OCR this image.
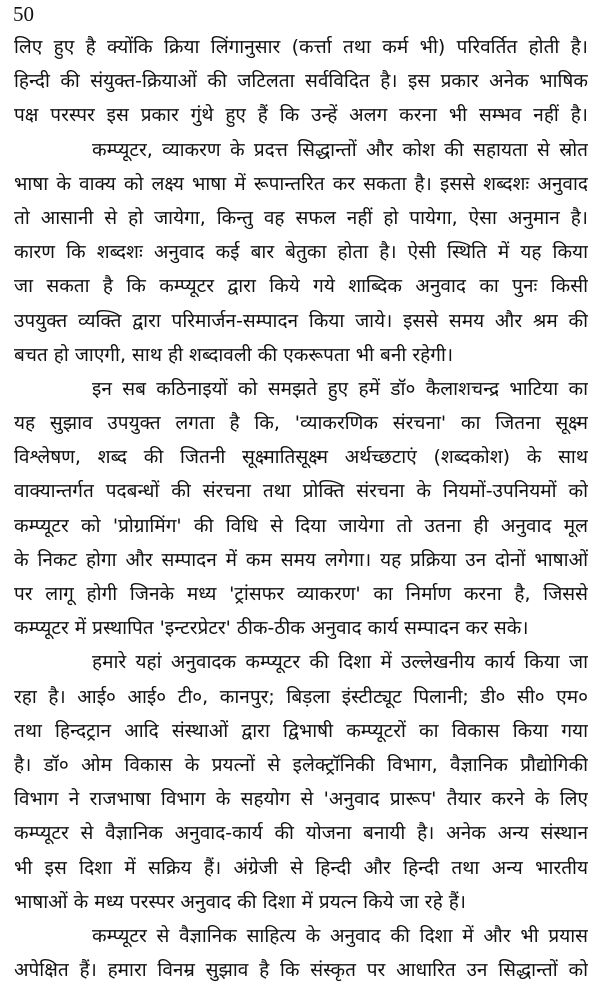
50
लिए हुए है क्योंकि क्रिया लिंगानुसार (कर्त्ता तथा कर्म भी) परिवर्तित होती है।
हिन्दी की संयुक्त-क्रियाओं की जटिलता सर्वविदित है। इस प्रकार अनेक भाषिक
पक्ष परस्पर इस प्रकार गुंथे हुए हैं कि उन्हें अलग करना भी सम्भव नहीं है।
कम्प्यूटर, व्याकरण के प्रदत्त सिद्धान्तों और कोश की सहायता से स्रोत
भाषा के वाक्य को लक्ष्य भाषा में रूपान्तरित कर सकता है। इससे शब्दशः अनुवाद
तो आसानी से हो जायेगा, किन्तु वह सफल नहीं हो पायेगा, ऐसा अनुमान है।
कारण कि शब्दशः अनुवाद कई बार बेतुका होता है। ऐसी स्थिति में यह किया
जा सकता है कि कम्प्यूटर द्वारा किये गये शाब्दिक अनुवाद का पुनः किसी
उपयुक्त व्यक्ति द्वारा परिमार्जन-सम्पादन किया जाये। इससे समय और श्रम की
बचत हो जाएगी, साथ ही शब्दावली की एकरूपता भी बनी रहेगी।
इन सब कठिनाइयों को समझते हुए हमें डॉ० कैलाशचन्द्र भाटिया का
यह सुझाव उपयुक्त लगता है कि, 'व्याकरणिक संरचना' का जितना सूक्ष्म
विश्लेषण, शब्द की जितनी सूक्ष्मातिसूक्ष्म अर्थच्छटाएं (शब्दकोश) के साथ
वाक्यान्तर्गत पदबन्धों की संरचना तथा प्रोक्ति संरचना के नियमों-उपनियमों को
कम्प्यूटर को 'प्रोग्रामिंग' की विधि से दिया जायेगा तो उतना ही अनुवाद मूल
के निकट होगा और सम्पादन में कम समय लगेगा। यह प्रक्रिया उन दोनों भाषाओं
पर लागू होगी जिनके मध्य 'ट्रांसफर व्याकरण' का निर्माण करना है, जिससे
कम्प्यूटर में प्रस्थापित 'इन्टरप्रेटर' ठीक-ठीक अनुवाद कार्य सम्पादन कर सके।
हमारे यहां अनुवादक कम्प्यूटर की दिशा में उल्लेखनीय कार्य किया जा
रहा है। आई० आई० टी०, कानपुर; बिड़ला इंस्टीट्यूट पिलानी; डी० सी० एम०
तथा हिन्दट्रान आदि संस्थाओं द्वारा द्विभाषी कम्प्यूटरों का विकास किया गया
है। डॉ० ओम विकास के प्रयत्नों से इलेक्ट्रॉनिकी विभाग, वैज्ञानिक प्रौद्योगिकी
विभाग ने राजभाषा विभाग के सहयोग से 'अनुवाद प्रारूप' तैयार करने के लिए
कम्प्यूटर से वैज्ञानिक अनुवाद-कार्य की योजना बनायी है। अनेक अन्य संस्थान
भी इस दिशा में सक्रिय हैं। अंग्रेजी से हिन्दी और हिन्दी तथा अन्य भारतीय
भाषाओं के मध्य परस्पर अनुवाद की दिशा में प्रयत्न किये जा रहे हैं।
कम्प्यूटर से वैज्ञानिक साहित्य के अनुवाद की दिशा में और भी प्रयास
अपेक्षित हैं। हमारा विनम्र सुझाव है कि संस्कृत पर आधारित उन सिद्धान्तों को
